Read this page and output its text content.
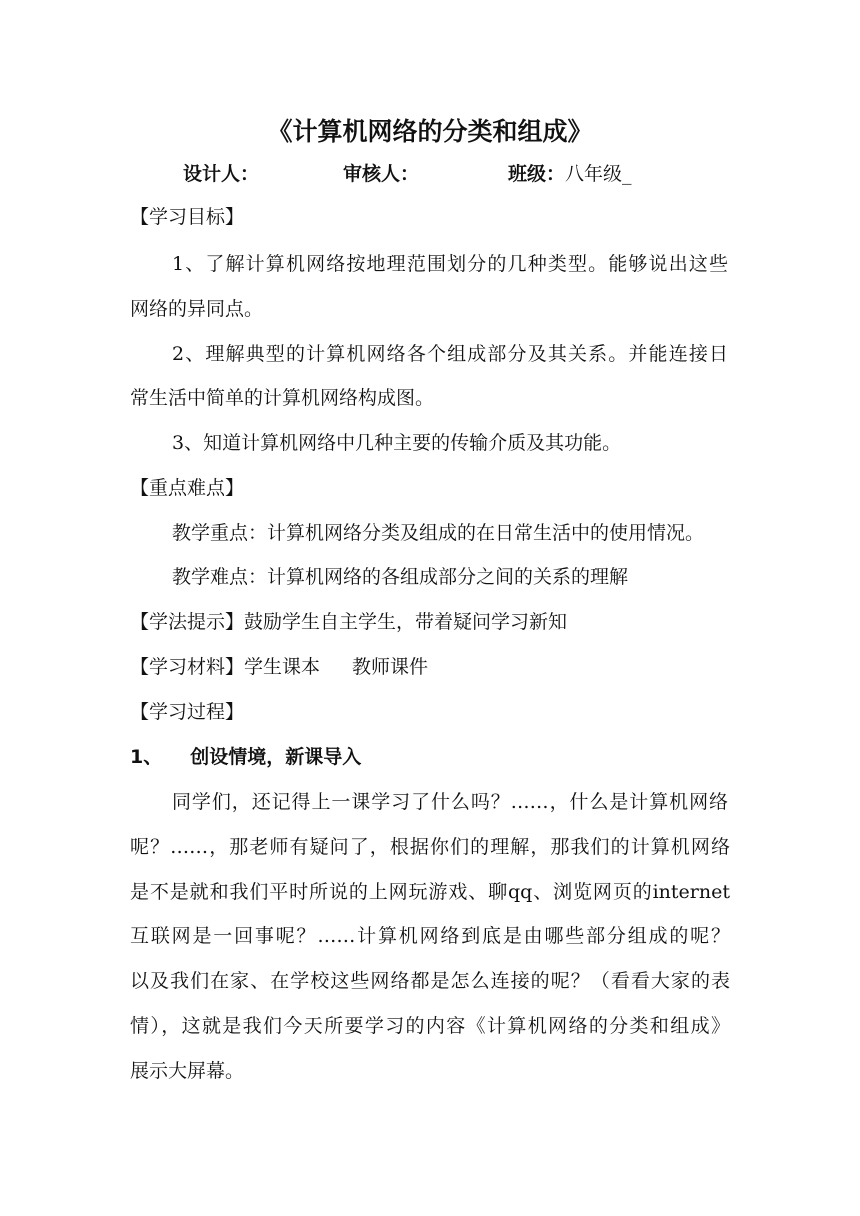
《计算机网络的分类和组成》
设计人：	审核人：	班级：八年级_
【学习目标】
1、了解计算机网络按地理范围划分的几种类型。能够说出这些
网络的异同点。
2、理解典型的计算机网络各个组成部分及其关系。并能连接日
常生活中简单的计算机网络构成图。
3、知道计算机网络中几种主要的传输介质及其功能。
【重点难点】
教学重点：计算机网络分类及组成的在日常生活中的使用情况。
教学难点：计算机网络的各组成部分之间的关系的理解
【学法提示】鼓励学生自主学生，带着疑问学习新知
【学习材料】学生课本 教师课件
【学习过程】
1、 创设情境，新课导入
同学们，还记得上一课学习了什么吗？……，什么是计算机网络
呢？……，那老师有疑问了，根据你们的理解，那我们的计算机网络
是不是就和我们平时所说的上网玩游戏、聊qq、浏览网页的internet
互联网是一回事呢？……计算机网络到底是由哪些部分组成的呢？
以及我们在家、在学校这些网络都是怎么连接的呢？（看看大家的表
情），这就是我们今天所要学习的内容《计算机网络的分类和组成》
展示大屏幕。
